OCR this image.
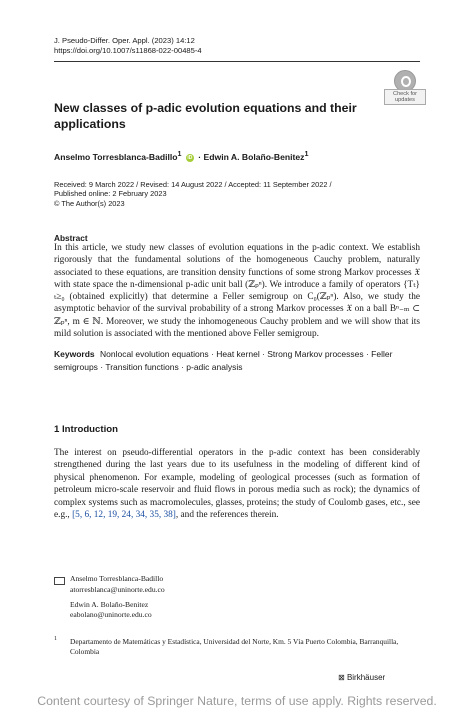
J. Pseudo-Differ. Oper. Appl. (2023) 14:12
https://doi.org/10.1007/s11868-022-00485-4
Check for updates
New classes of p-adic evolution equations and their applications
Anselmo Torresblanca-Badillo$^1$ iD · Edwin A. Bolaño-Benitez$^1$
Received: 9 March 2022 / Revised: 14 August 2022 / Accepted: 11 September 2022 /
Published online: 2 February 2023
© The Author(s) 2023
Abstract
In this article, we study new classes of evolution equations in the p-adic context. We establish rigorously that the fundamental solutions of the homogeneous Cauchy problem, naturally associated to these equations, are transition density functions of some strong Markov processes 𝔛 with state space the n-dimensional p-adic unit ball (ℤₚⁿ). We introduce a family of operators {Tₜ}ₜ≥₀ (obtained explicitly) that determine a Feller semigroup on C₀(ℤₚⁿ). Also, we study the asymptotic behavior of the survival probability of a strong Markov processes 𝔛 on a ball Bⁿ₋ₘ ⊂ ℤₚⁿ, m ∈ ℕ. Moreover, we study the inhomogeneous Cauchy problem and we will show that its mild solution is associated with the mentioned above Feller semigroup.
Keywords Nonlocal evolution equations · Heat kernel · Strong Markov processes · Feller semigroups · Transition functions · p-adic analysis
1 Introduction
The interest on pseudo-differential operators in the p-adic context has been considerably strengthened during the last years due to its usefulness in the modeling of different kind of physical phenomenon. For example, modeling of geological processes (such as formation of petroleum micro-scale reservoir and fluid flows in porous media such as rock); the dynamics of complex systems such as macromolecules, glasses, proteins; the study of Coulomb gases, etc., see e.g., [5, 6, 12, 19, 24, 34, 35, 38], and the references therein.
Anselmo Torresblanca-Badillo
atorresblanca@uninorte.edu.co
Edwin A. Bolaño-Benitez
eabolano@uninorte.edu.co
1 Departamento de Matemáticas y Estadística, Universidad del Norte, Km. 5 Vía Puerto Colombia, Barranquilla, Colombia
⊠ Birkhäuser
Content courtesy of Springer Nature, terms of use apply. Rights reserved.
